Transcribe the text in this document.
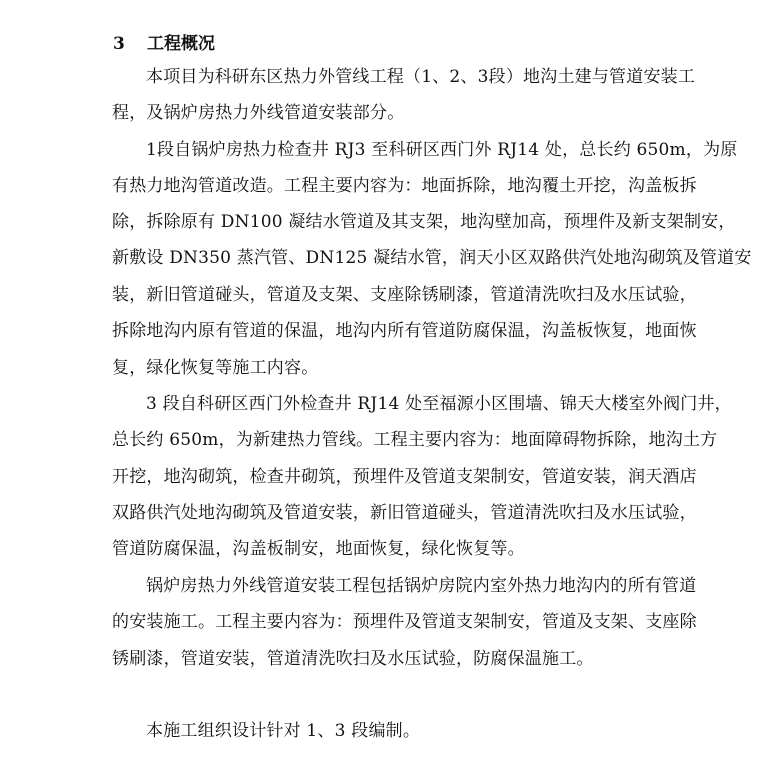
3 工程概况
本项目为科研东区热力外管线工程（1、2、3段）地沟土建与管道安装工
程，及锅炉房热力外线管道安装部分。
1段自锅炉房热力检查井 RJ3 至科研区西门外 RJ14 处，总长约 650m，为原
有热力地沟管道改造。工程主要内容为：地面拆除，地沟覆土开挖，沟盖板拆
除，拆除原有 DN100 凝结水管道及其支架，地沟壁加高，预埋件及新支架制安，
新敷设 DN350 蒸汽管、DN125 凝结水管，润天小区双路供汽处地沟砌筑及管道安
装，新旧管道碰头，管道及支架、支座除锈刷漆，管道清洗吹扫及水压试验，
拆除地沟内原有管道的保温，地沟内所有管道防腐保温，沟盖板恢复，地面恢
复，绿化恢复等施工内容。
3 段自科研区西门外检查井 RJ14 处至福源小区围墙、锦天大楼室外阀门井，
总长约 650m，为新建热力管线。工程主要内容为：地面障碍物拆除，地沟土方
开挖，地沟砌筑，检查井砌筑，预埋件及管道支架制安，管道安装，润天酒店
双路供汽处地沟砌筑及管道安装，新旧管道碰头，管道清洗吹扫及水压试验，
管道防腐保温，沟盖板制安，地面恢复，绿化恢复等。
锅炉房热力外线管道安装工程包括锅炉房院内室外热力地沟内的所有管道
的安装施工。工程主要内容为：预埋件及管道支架制安，管道及支架、支座除
锈刷漆，管道安装，管道清洗吹扫及水压试验，防腐保温施工。
本施工组织设计针对 1、3 段编制。
